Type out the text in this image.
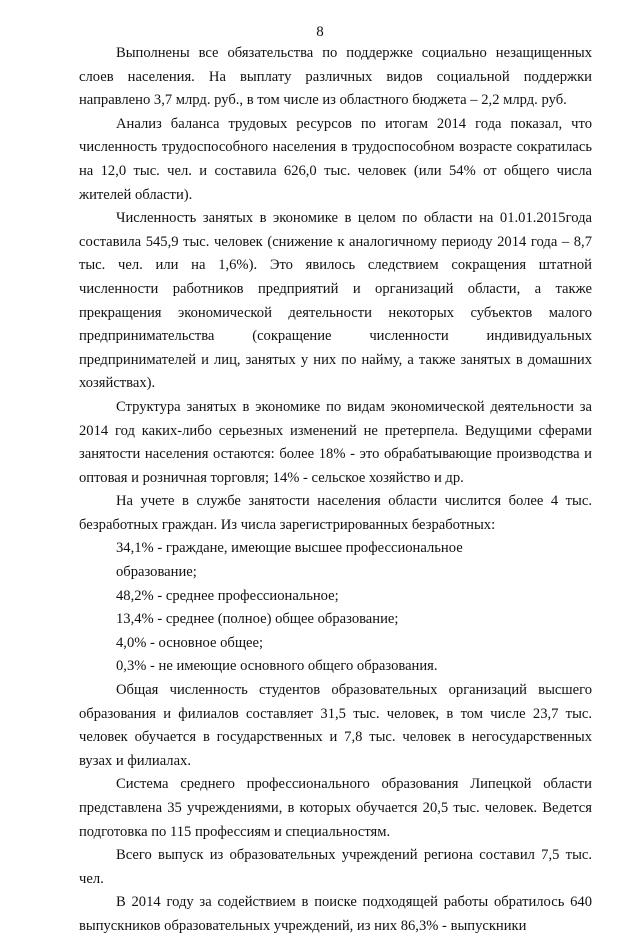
8

Выполнены все обязательства по поддержке социально незащищенных слоев населения. На выплату различных видов социальной поддержки направлено 3,7 млрд. руб., в том числе из областного бюджета – 2,2 млрд. руб.

Анализ баланса трудовых ресурсов по итогам 2014 года показал, что численность трудоспособного населения в трудоспособном возрасте сократилась на 12,0 тыс. чел. и составила 626,0 тыс. человек (или 54% от общего числа жителей области).

Численность занятых в экономике в целом по области на 01.01.2015года составила 545,9 тыс. человек (снижение к аналогичному периоду 2014 года – 8,7 тыс. чел. или на 1,6%). Это явилось следствием сокращения штатной численности работников предприятий и организаций области, а также прекращения экономической деятельности некоторых субъектов малого предпринимательства (сокращение численности индивидуальных предпринимателей и лиц, занятых у них по найму, а также занятых в домашних хозяйствах).

Структура занятых в экономике по видам экономической деятельности за 2014 год каких-либо серьезных изменений не претерпела. Ведущими сферами занятости населения остаются: более 18% - это обрабатывающие производства и оптовая и розничная торговля; 14% - сельское хозяйство и др.

На учете в службе занятости населения области числится более 4 тыс. безработных граждан. Из числа зарегистрированных безработных:

34,1% - граждане, имеющие высшее профессиональное

образование;

48,2% - среднее профессиональное;

13,4% - среднее (полное) общее образование;

4,0% - основное общее;

0,3% - не имеющие основного общего образования.

Общая численность студентов образовательных организаций высшего образования и филиалов составляет 31,5 тыс. человек, в том числе 23,7 тыс. человек обучается в государственных и 7,8 тыс. человек в негосударственных вузах и филиалах.

Система среднего профессионального образования Липецкой области представлена 35 учреждениями, в которых обучается 20,5 тыс. человек. Ведется подготовка по 115 профессиям и специальностям.

Всего выпуск из образовательных учреждений региона составил 7,5 тыс. чел.

В 2014 году за содействием в поиске подходящей работы обратилось 640 выпускников образовательных учреждений, из них 86,3% - выпускники
